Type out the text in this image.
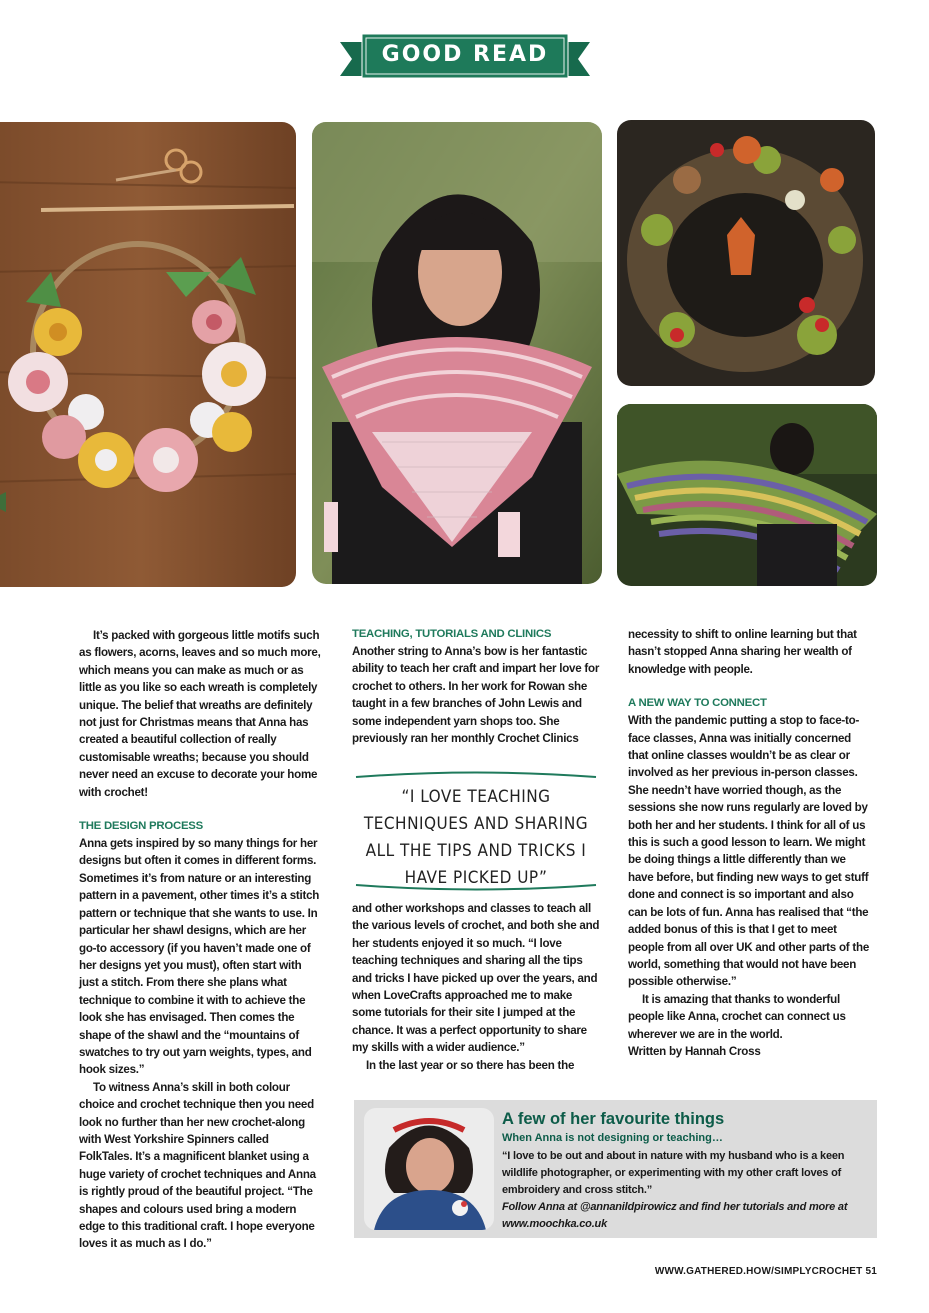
GOOD READ

It’s packed with gorgeous little motifs such as flowers, acorns, leaves and so much more, which means you can make as much or as little as you like so each wreath is completely unique. The belief that wreaths are definitely not just for Christmas means that Anna has created a beautiful collection of really customisable wreaths; because you should never need an excuse to decorate your home with crochet!

THE DESIGN PROCESS

Anna gets inspired by so many things for her designs but often it comes in different forms. Sometimes it’s from nature or an interesting pattern in a pavement, other times it’s a stitch pattern or technique that she wants to use. In particular her shawl designs, which are her go-to accessory (if you haven’t made one of her designs yet you must), often start with just a stitch. From there she plans what technique to combine it with to achieve the look she has envisaged. Then comes the shape of the shawl and the “mountains of swatches to try out yarn weights, types, and hook sizes.”

To witness Anna’s skill in both colour choice and crochet technique then you need look no further than her new crochet-along with West Yorkshire Spinners called FolkTales. It’s a magnificent blanket using a huge variety of crochet techniques and Anna is rightly proud of the beautiful project. “The shapes and colours used bring a modern edge to this traditional craft. I hope everyone loves it as much as I do.”

TEACHING, TUTORIALS AND CLINICS

Another string to Anna’s bow is her fantastic ability to teach her craft and impart her love for crochet to others. In her work for Rowan she taught in a few branches of John Lewis and some independent yarn shops too. She previously ran her monthly Crochet Clinics

“I LOVE TEACHING TECHNIQUES AND SHARING ALL THE TIPS AND TRICKS I HAVE PICKED UP”

and other workshops and classes to teach all the various levels of crochet, and both she and her students enjoyed it so much. “I love teaching techniques and sharing all the tips and tricks I have picked up over the years, and when LoveCrafts approached me to make some tutorials for their site I jumped at the chance. It was a perfect opportunity to share my skills with a wider audience.”

In the last year or so there has been the

necessity to shift to online learning but that hasn’t stopped Anna sharing her wealth of knowledge with people.

A NEW WAY TO CONNECT

With the pandemic putting a stop to face-to-face classes, Anna was initially concerned that online classes wouldn’t be as clear or involved as her previous in-person classes. She needn’t have worried though, as the sessions she now runs regularly are loved by both her and her students. I think for all of us this is such a good lesson to learn. We might be doing things a little differently than we have before, but finding new ways to get stuff done and connect is so important and also can be lots of fun. Anna has realised that “the added bonus of this is that I get to meet people from all over UK and other parts of the world, something that would not have been possible otherwise.”

It is amazing that thanks to wonderful people like Anna, crochet can connect us wherever we are in the world.

Written by Hannah Cross

A few of her favourite things
When Anna is not designing or teaching…

“I love to be out and about in nature with my husband who is a keen wildlife photographer, or experimenting with my other craft loves of embroidery and cross stitch.”

Follow Anna at @annanildpirowicz and find her tutorials and more at www.moochka.co.uk

WWW.GATHERED.HOW/SIMPLYCROCHET 51
